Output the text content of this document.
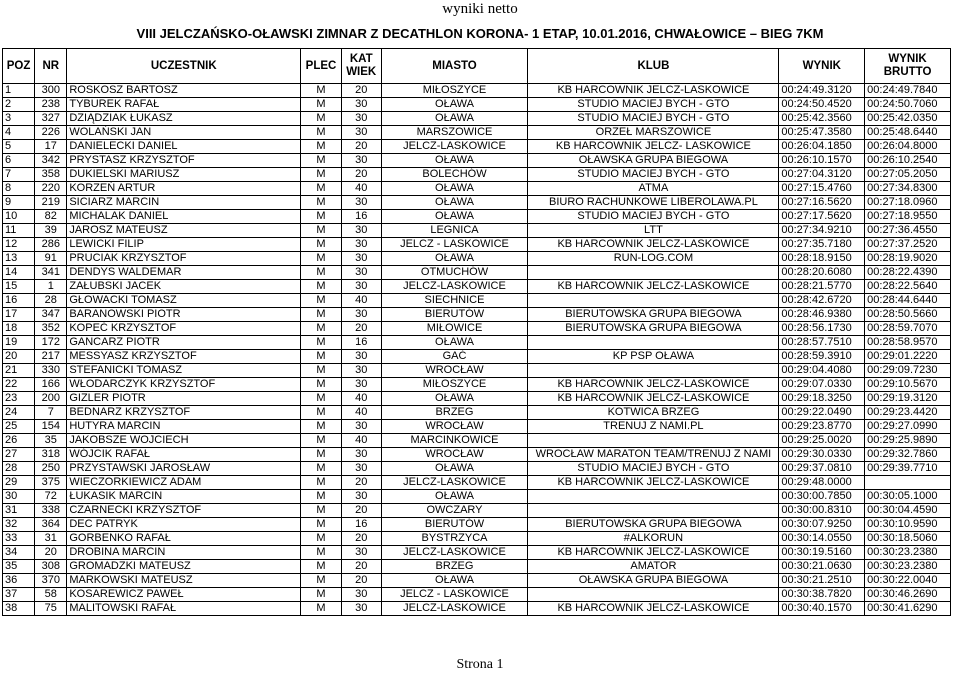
wyniki netto
VIII JELCZAŃSKO-OŁAWSKI ZIMNAR Z DECATHLON KORONA- 1 ETAP, 10.01.2016, CHWAŁOWICE – BIEG 7KM
POZ	NR	UCZESTNIK	PLEC	KAT WIEK	MIASTO	KLUB	WYNIK	WYNIK BRUTTO
1	300	ROSKOSZ BARTOSZ	M	20	MIŁOSZYCE	KB HARCOWNIK JELCZ-LASKOWICE	00:24:49.3120	00:24:49.7840
2	238	TYBUREK RAFAŁ	M	30	OŁAWA	STUDIO MACIEJ BYCH - GTO	00:24:50.4520	00:24:50.7060
3	327	DZIĄDZIAK ŁUKASZ	M	30	OŁAWA	STUDIO MACIEJ BYCH - GTO	00:25:42.3560	00:25:42.0350
4	226	WOLAŃSKI JAN	M	30	MARSZOWICE	ORZEŁ MARSZOWICE	00:25:47.3580	00:25:48.6440
5	17	DANIELECKI DANIEL	M	20	JELCZ-LASKOWICE	KB HARCOWNIK JELCZ- LASKOWICE	00:26:04.1850	00:26:04.8000
6	342	PRYSTASZ KRZYSZTOF	M	30	OŁAWA	OŁAWSKA GRUPA BIEGOWA	00:26:10.1570	00:26:10.2540
7	358	DUKIELSKI MARIUSZ	M	20	BOLECHÓW	STUDIO MACIEJ BYCH - GTO	00:27:04.3120	00:27:05.2050
8	220	KORZEŃ ARTUR	M	40	OŁAWA	ATMA	00:27:15.4760	00:27:34.8300
9	219	SICIARZ MARCIN	M	30	OŁAWA	BIURO RACHUNKOWE LIBEROLAWA.PL	00:27:16.5620	00:27:18.0960
10	82	MICHALAK DANIEL	M	16	OŁAWA	STUDIO MACIEJ BYCH - GTO	00:27:17.5620	00:27:18.9550
11	39	JAROSZ MATEUSZ	M	30	LEGNICA	LTT	00:27:34.9210	00:27:36.4550
12	286	LEWICKI FILIP	M	30	JELCZ - LASKOWICE	KB HARCOWNIK JELCZ-LASKOWICE	00:27:35.7180	00:27:37.2520
13	91	PRUCIAK KRZYSZTOF	M	30	OŁAWA	RUN-LOG.COM	00:28:18.9150	00:28:19.9020
14	341	DENDYS WALDEMAR	M	30	OTMUCHÓW		00:28:20.6080	00:28:22.4390
15	1	ZAŁUBSKI JACEK	M	30	JELCZ-LASKOWICE	KB HARCOWNIK JELCZ-LASKOWICE	00:28:21.5770	00:28:22.5640
16	28	GŁOWACKI TOMASZ	M	40	SIECHNICE		00:28:42.6720	00:28:44.6440
17	347	BARANOWSKI PIOTR	M	30	BIERUTÓW	BIERUTOWSKA GRUPA BIEGOWA	00:28:46.9380	00:28:50.5660
18	352	KOPEĆ KRZYSZTOF	M	20	MIŁOWICE	BIERUTOWSKA GRUPA BIEGOWA	00:28:56.1730	00:28:59.7070
19	172	GANCARZ PIOTR	M	16	OŁAWA		00:28:57.7510	00:28:58.9570
20	217	MESSYASZ KRZYSZTOF	M	30	GAĆ	KP PSP OŁAWA	00:28:59.3910	00:29:01.2220
21	330	STEFANICKI TOMASZ	M	30	WROCŁAW		00:29:04.4080	00:29:09.7230
22	166	WŁODARCZYK KRZYSZTOF	M	30	MIŁOSZYCE	KB HARCOWNIK JELCZ-LASKOWICE	00:29:07.0330	00:29:10.5670
23	200	GIZLER PIOTR	M	40	OŁAWA	KB HARCOWNIK JELCZ-LASKOWICE	00:29:18.3250	00:29:19.3120
24	7	BEDNARZ KRZYSZTOF	M	40	BRZEG	KOTWICA BRZEG	00:29:22.0490	00:29:23.4420
25	154	HUTYRA MARCIN	M	30	WROCŁAW	TRENUJ Z NAMI.PL	00:29:23.8770	00:29:27.0990
26	35	JAKOBSZE WOJCIECH	M	40	MARCINKOWICE		00:29:25.0020	00:29:25.9890
27	318	WÓJCIK RAFAŁ	M	30	WROCŁAW	WROCŁAW MARATON TEAM/TRENUJ Z NAMI	00:29:30.0330	00:29:32.7860
28	250	PRZYSTAWSKI JAROSŁAW	M	30	OŁAWA	STUDIO MACIEJ BYCH - GTO	00:29:37.0810	00:29:39.7710
29	375	WIECZORKIEWICZ ADAM	M	20	JELCZ-LASKOWICE	KB HARCOWNIK JELCZ-LASKOWICE	00:29:48.0000	
30	72	ŁUKASIK MARCIN	M	30	OŁAWA		00:30:00.7850	00:30:05.1000
31	338	CZARNECKI KRZYSZTOF	M	20	OWCZARY		00:30:00.8310	00:30:04.4590
32	364	DEC PATRYK	M	16	BIERUTÓW	BIERUTOWSKA GRUPA BIEGOWA	00:30:07.9250	00:30:10.9590
33	31	GORBENKO RAFAŁ	M	20	BYSTRZYCA	#ALKORUN	00:30:14.0550	00:30:18.5060
34	20	DROBINA MARCIN	M	30	JELCZ-LASKOWICE	KB HARCOWNIK JELCZ-LASKOWICE	00:30:19.5160	00:30:23.2380
35	308	GROMADZKI MATEUSZ	M	20	BRZEG	AMATOR	00:30:21.0630	00:30:23.2380
36	370	MARKOWSKI MATEUSZ	M	20	OŁAWA	OŁAWSKA GRUPA BIEGOWA	00:30:21.2510	00:30:22.0040
37	58	KOSAREWICZ PAWEŁ	M	30	JELCZ - LASKOWICE		00:30:38.7820	00:30:46.2690
38	75	MALITOWSKI RAFAŁ	M	30	JELCZ-LASKOWICE	KB HARCOWNIK JELCZ-LASKOWICE	00:30:40.1570	00:30:41.6290
Strona 1
